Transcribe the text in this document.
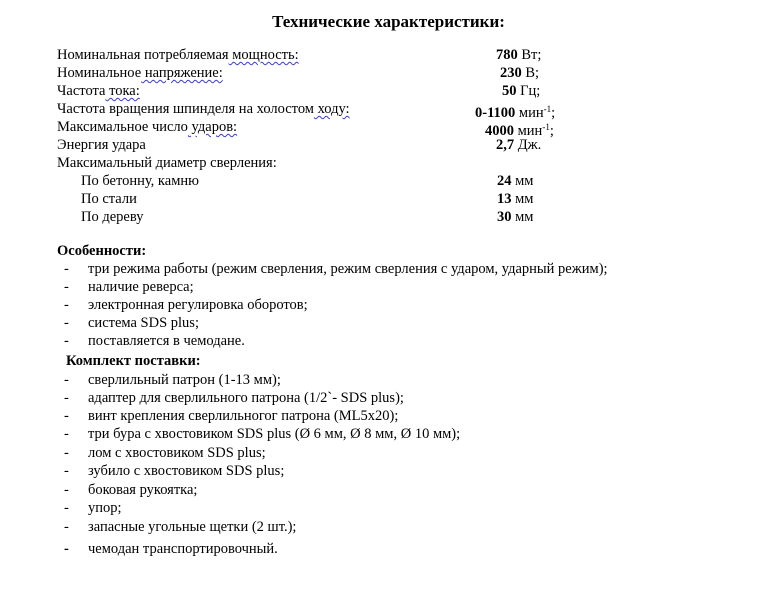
Технические характеристики:
Номинальная потребляемая мощность:	780 Вт;
Номинальное напряжение:	230 В;
Частота тока:	50 Гц;
Частота вращения шпинделя на холостом ходу:	0-1100 мин$^{-1}$;
Максимальное число ударов:	4000 мин$^{-1}$;
Энергия удара	2,7 Дж.
Максимальный диаметр сверления:
По бетонну, камню	24 мм
По стали	13 мм
По дереву	30 мм
Особенности:
- три режима работы (режим сверления, режим сверления с ударом, ударный режим);
- наличие реверса;
- электронная регулировка оборотов;
- система SDS plus;
- поставляется в чемодане.
Комплект поставки:
- сверлильный патрон (1-13 мм);
- адаптер для сверлильного патрона (1/2`- SDS plus);
- винт крепления сверлильногог патрона (ML5x20);
- три бура с хвостовиком SDS plus (Ø 6 мм, Ø 8 мм, Ø 10 мм);
- лом с хвостовиком SDS plus;
- зубило с хвостовиком SDS plus;
- боковая рукоятка;
- упор;
- запасные угольные щетки (2 шт.);
- чемодан транспортировочный.
